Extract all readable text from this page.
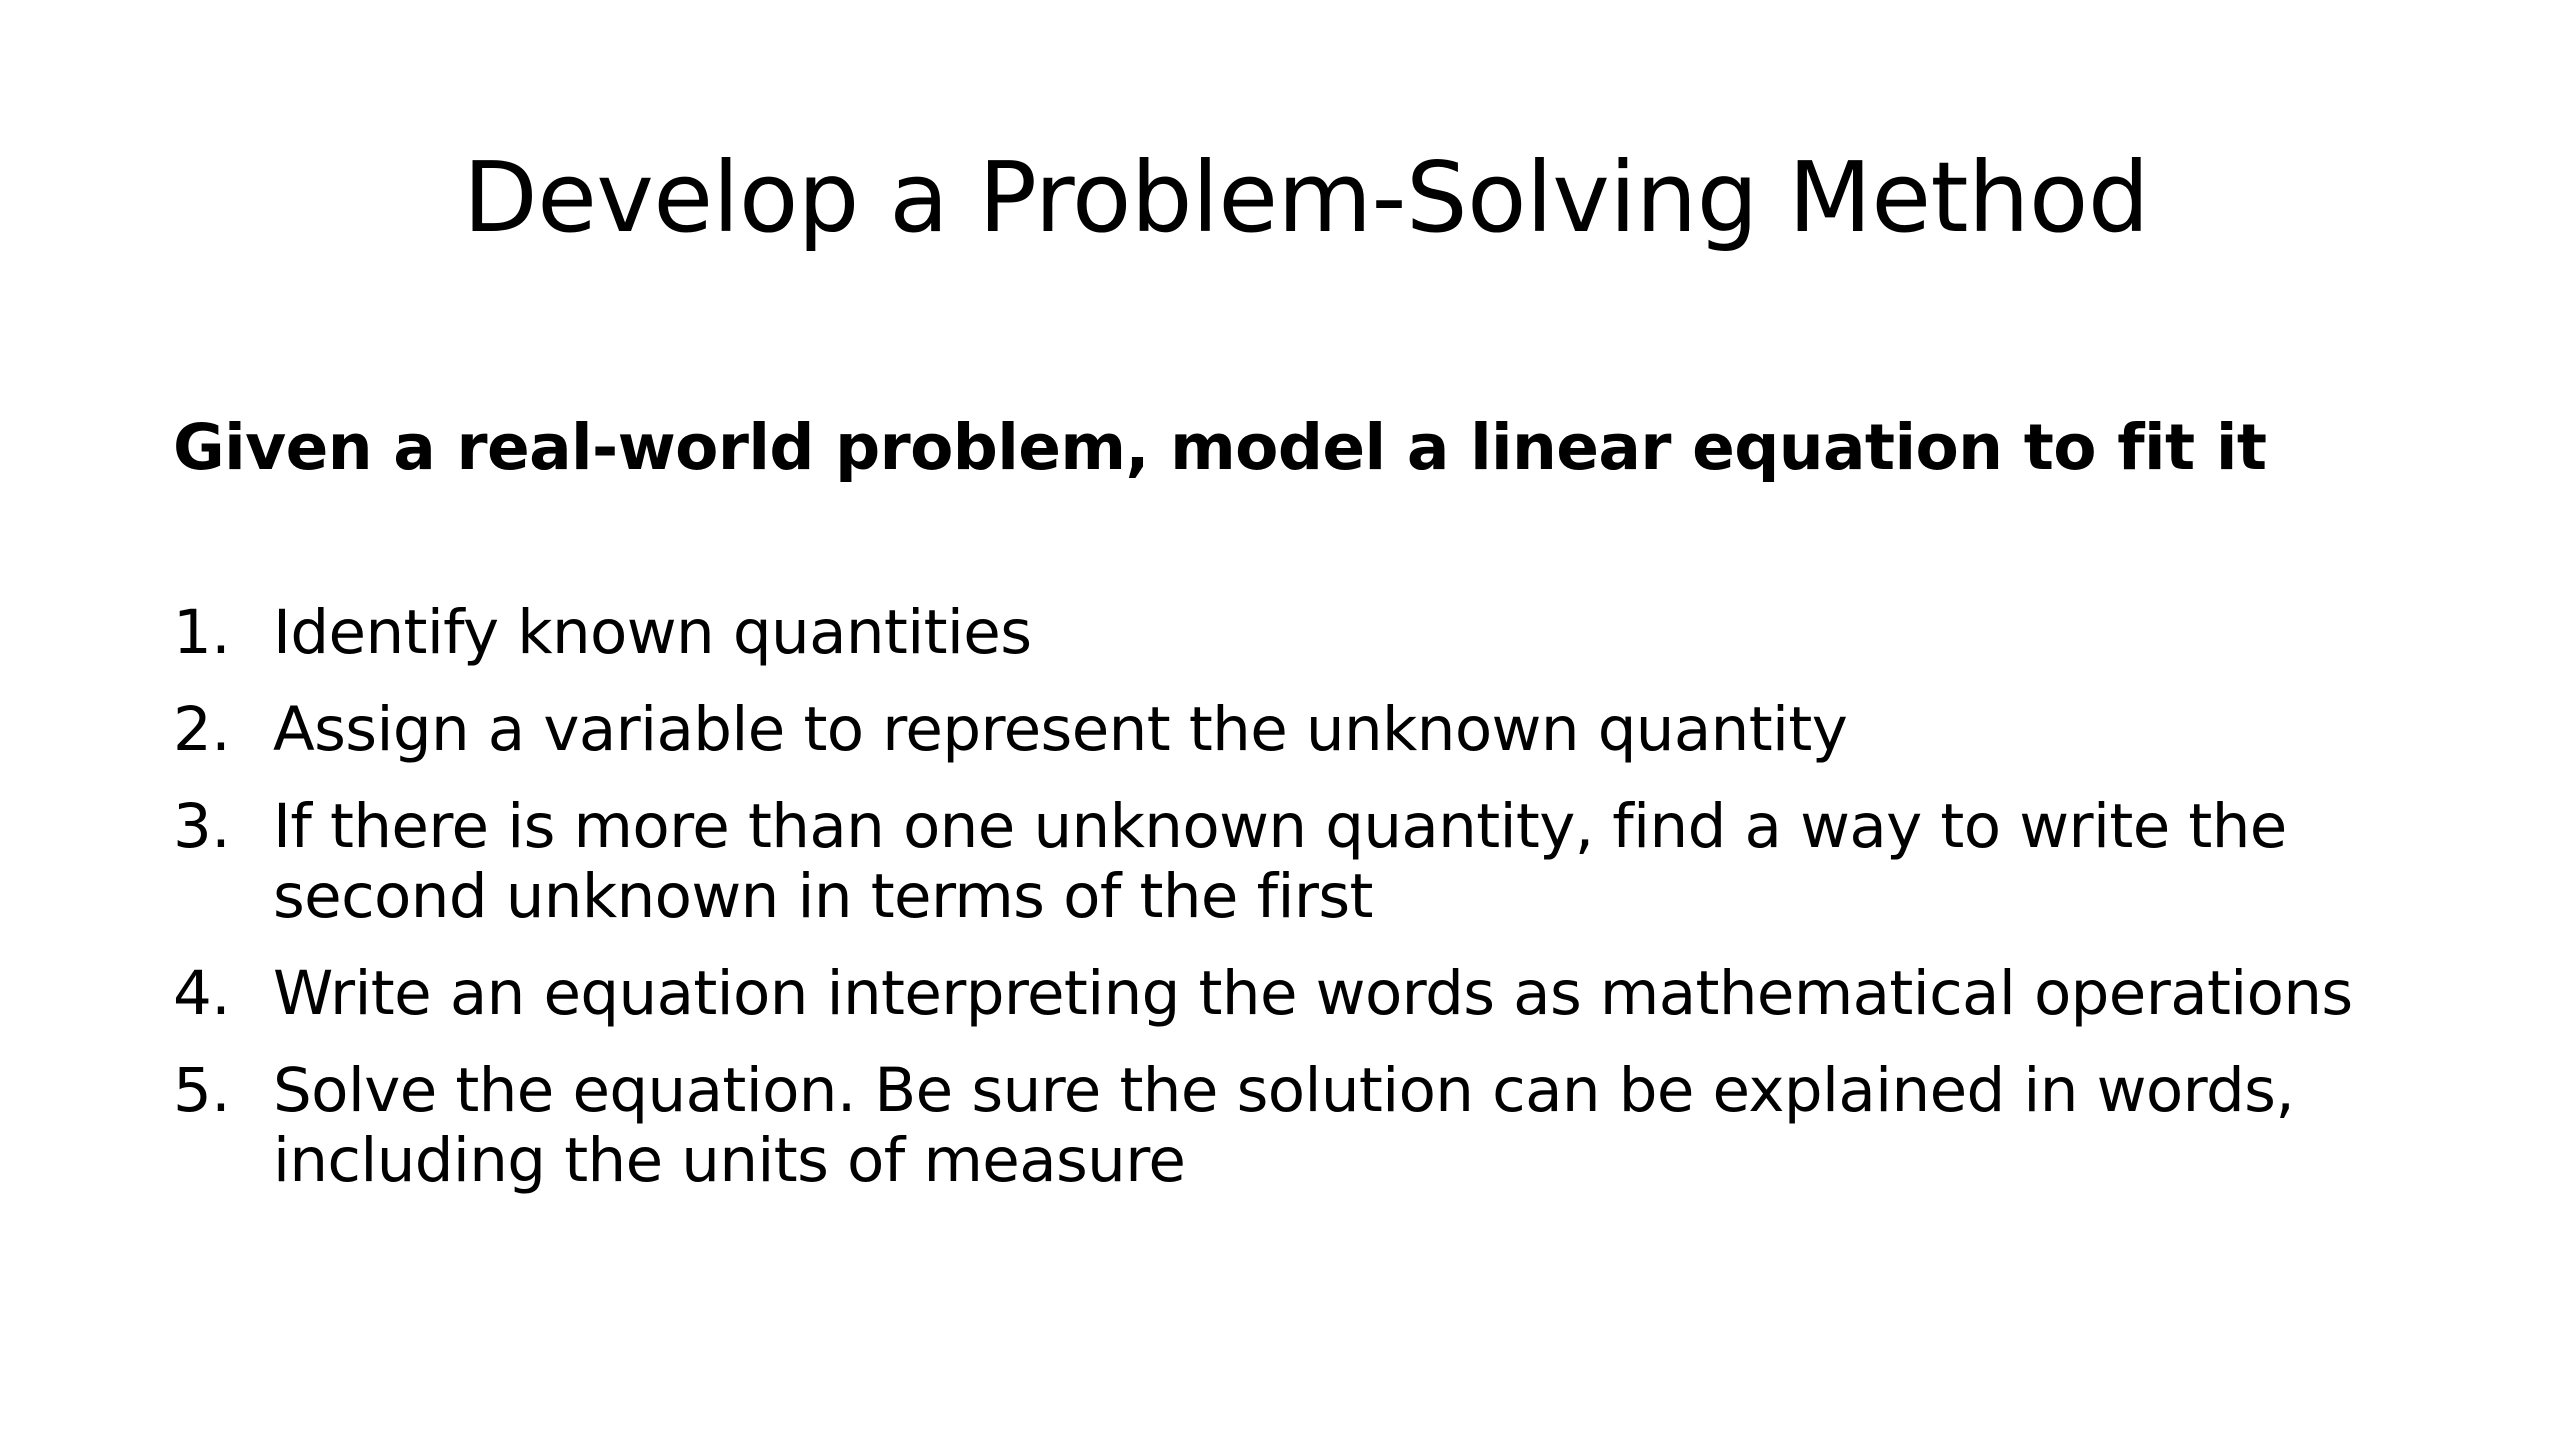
Develop a Problem-Solving Method

Given a real-world problem, model a linear equation to fit it

1. Identify known quantities
2. Assign a variable to represent the unknown quantity
3. If there is more than one unknown quantity, find a way to write the second unknown in terms of the first
4. Write an equation interpreting the words as mathematical operations
5. Solve the equation. Be sure the solution can be explained in words, including the units of measure
